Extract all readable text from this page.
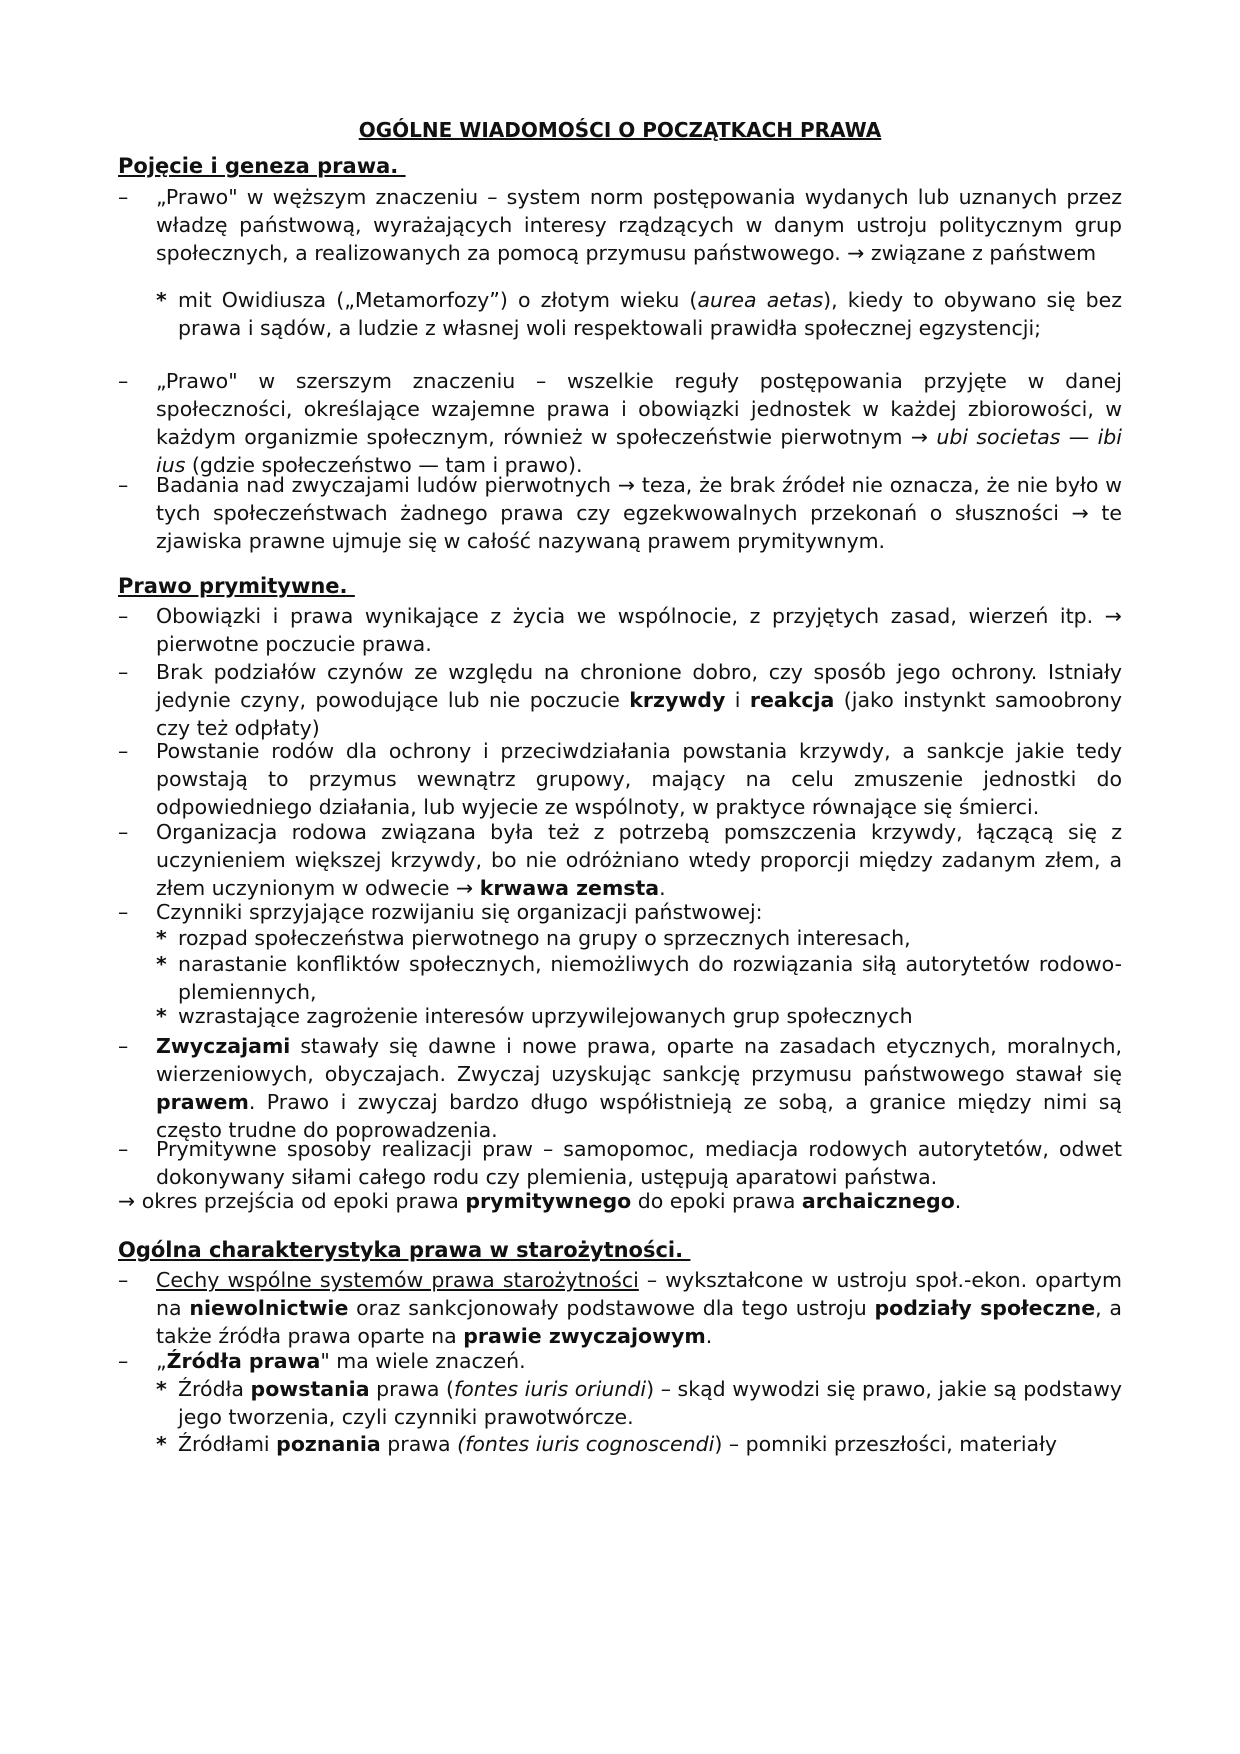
OGÓLNE WIADOMOŚCI O POCZĄTKACH PRAWA
Pojęcie i geneza prawa.
–	„Prawo" w węższym znaczeniu – system norm postępowania wydanych lub uznanych przez władzę państwową, wyrażających interesy rządzących w danym ustroju politycznym grup społecznych, a realizowanych za pomocą przymusu państwowego. → związane z państwem
* mit Owidiusza („Metamorfozy”) o złotym wieku (aurea aetas), kiedy to obywano się bez prawa i sądów, a ludzie z własnej woli respektowali prawidła społecznej egzystencji;
–	„Prawo" w szerszym znaczeniu – wszelkie reguły postępowania przyjęte w danej społeczności, określające wzajemne prawa i obowiązki jednostek w każdej zbiorowości, w każdym organizmie społecznym, również w społeczeństwie pierwotnym → ubi societas — ibi ius (gdzie społeczeństwo — tam i prawo).
–	Badania nad zwyczajami ludów pierwotnych → teza, że brak źródeł nie oznacza, że nie było w tych społeczeństwach żadnego prawa czy egzekwowalnych przekonań o słuszności → te zjawiska prawne ujmuje się w całość nazywaną prawem prymitywnym.
Prawo prymitywne.
–	Obowiązki i prawa wynikające z życia we wspólnocie, z przyjętych zasad, wierzeń itp. → pierwotne poczucie prawa.
–	Brak podziałów czynów ze względu na chronione dobro, czy sposób jego ochrony. Istniały jedynie czyny, powodujące lub nie poczucie krzywdy i reakcja (jako instynkt samoobrony czy też odpłaty)
–	Powstanie rodów dla ochrony i przeciwdziałania powstania krzywdy, a sankcje jakie tedy powstają to przymus wewnątrz grupowy, mający na celu zmuszenie jednostki do odpowiedniego działania, lub wyjecie ze wspólnoty, w praktyce równające się śmierci.
–	Organizacja rodowa związana była też z potrzebą pomszczenia krzywdy, łączącą się z uczynieniem większej krzywdy, bo nie odróżniano wtedy proporcji między zadanym złem, a złem uczynionym w odwecie → krwawa zemsta.
–	Czynniki sprzyjające rozwijaniu się organizacji państwowej:
* rozpad społeczeństwa pierwotnego na grupy o sprzecznych interesach,
* narastanie konfliktów społecznych, niemożliwych do rozwiązania siłą autorytetów rodowo-plemiennych,
* wzrastające zagrożenie interesów uprzywilejowanych grup społecznych
–	Zwyczajami stawały się dawne i nowe prawa, oparte na zasadach etycznych, moralnych, wierzeniowych, obyczajach. Zwyczaj uzyskując sankcję przymusu państwowego stawał się prawem. Prawo i zwyczaj bardzo długo współistnieją ze sobą, a granice między nimi są często trudne do poprowadzenia.
–	Prymitywne sposoby realizacji praw – samopomoc, mediacja rodowych autorytetów, odwet dokonywany siłami całego rodu czy plemienia, ustępują aparatowi państwa.
→ okres przejścia od epoki prawa prymitywnego do epoki prawa archaicznego.
Ogólna charakterystyka prawa w starożytności.
–	Cechy wspólne systemów prawa starożytności – wykształcone w ustroju społ.-ekon. opartym na niewolnictwie oraz sankcjonowały podstawowe dla tego ustroju podziały społeczne, a także źródła prawa oparte na prawie zwyczajowym.
–	„Źródła prawa" ma wiele znaczeń.
* Źródła powstania prawa (fontes iuris oriundi) – skąd wywodzi się prawo, jakie są podstawy jego tworzenia, czyli czynniki prawotwórcze.
* Źródłami poznania prawa (fontes iuris cognoscendi) – pomniki przeszłości, materiały
